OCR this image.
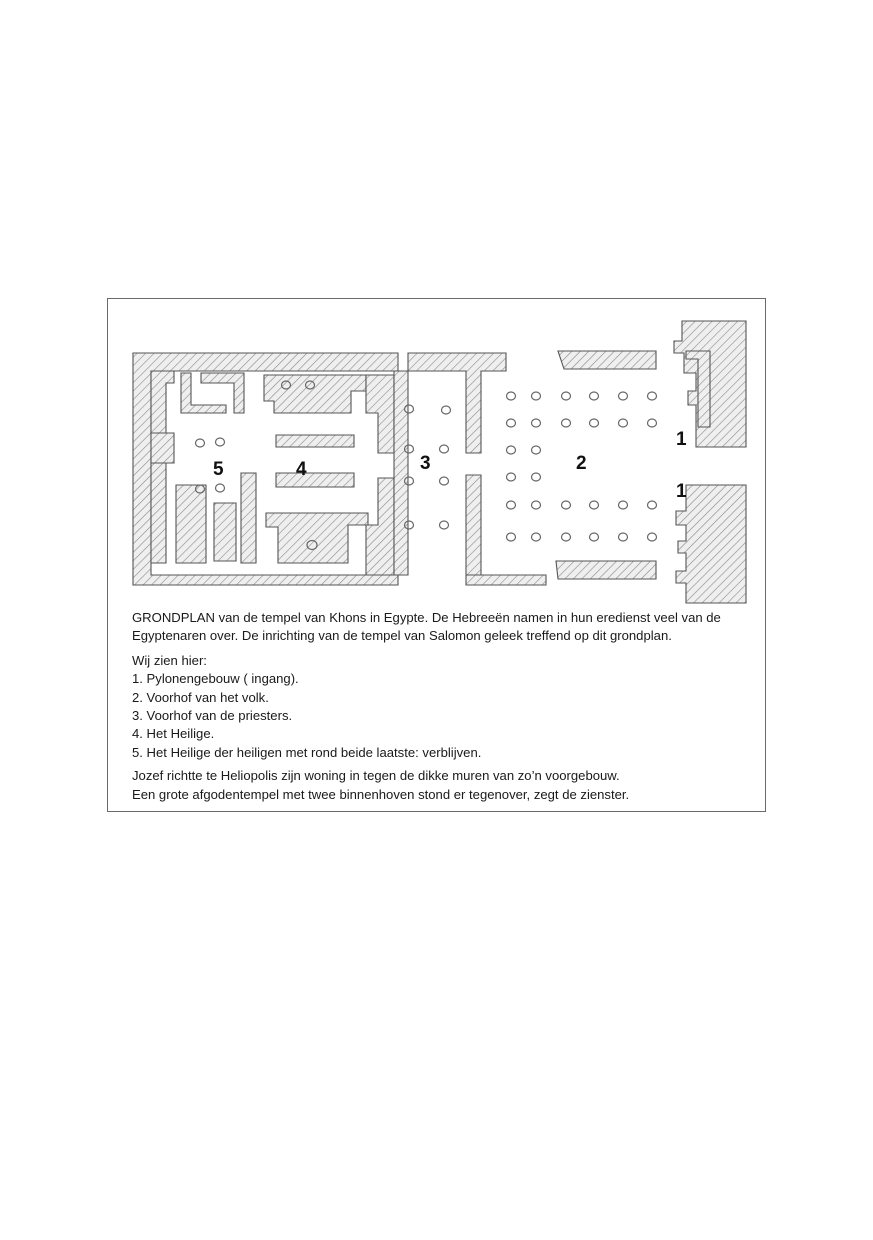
5	4	3	2
1
1

GRONDPLAN van de tempel van Khons in Egypte. De Hebreeën namen in hun eredienst veel van de Egyptenaren over. De inrichting van de tempel van Salomon geleek treffend op dit grondplan.

Wij zien hier:
1. Pylonengebouw ( ingang).
2. Voorhof van het volk.
3. Voorhof van de priesters.
4. Het Heilige.
5. Het Heilige der heiligen met rond beide laatste: verblijven.
Jozef richtte te Heliopolis zijn woning in tegen de dikke muren van zo’n voorgebouw.
Een grote afgodentempel met twee binnenhoven stond er tegenover, zegt de zienster.
